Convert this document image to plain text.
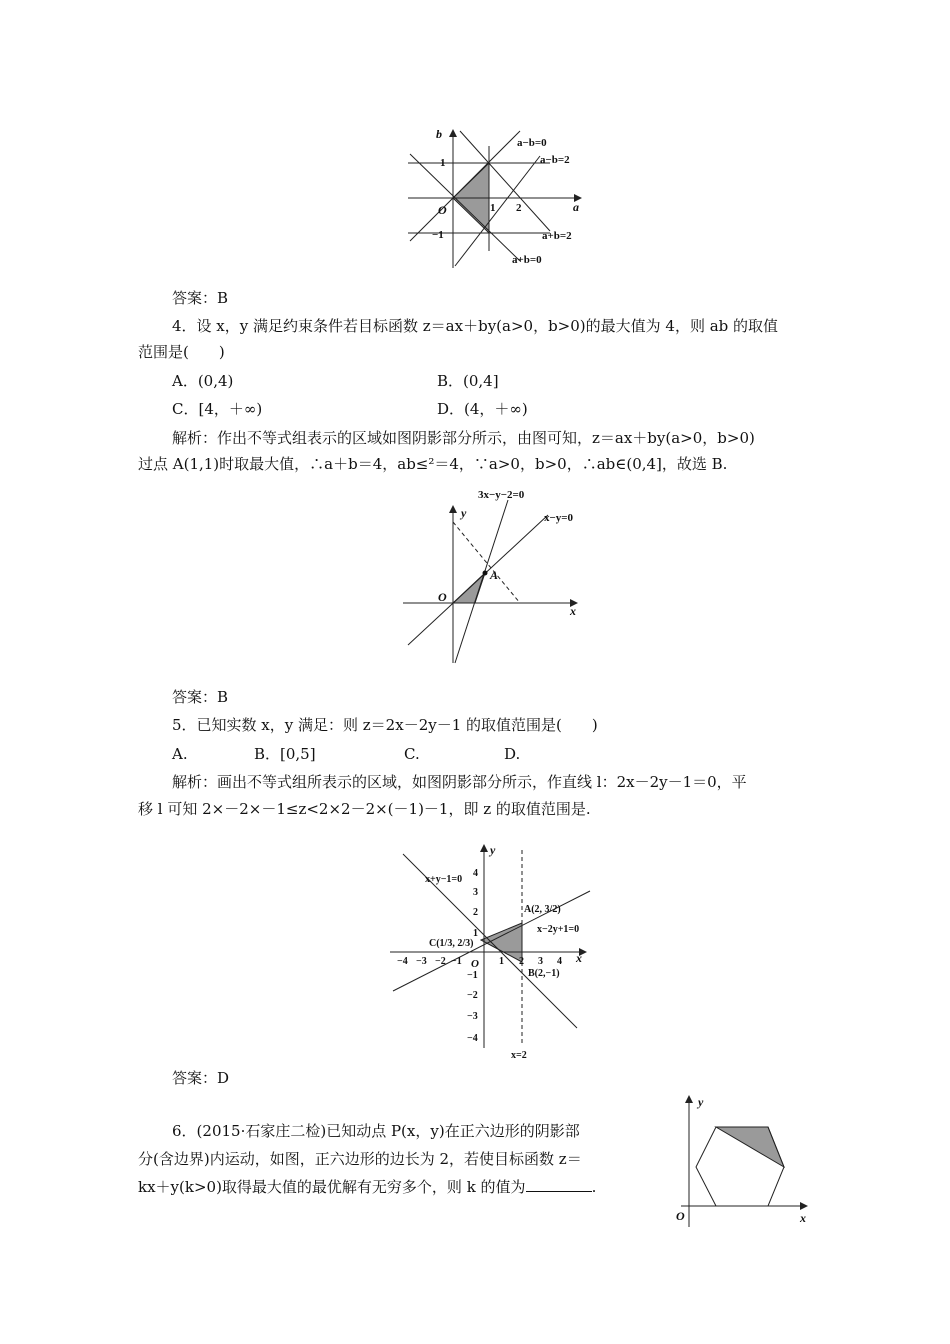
b
a
1
−1
O	1 2
a−b=0
a−b=2
a+b=2
a+b=0
答案：B
4．设 x，y 满足约束条件若目标函数 z＝ax＋by(a>0，b>0)的最大值为 4，则 ab 的取值
范围是(　　)
A．(0,4)	B．(0,4]
C．[4，＋∞)	D．(4，＋∞)
解析：作出不等式组表示的区域如图阴影部分所示，由图可知，z＝ax＋by(a>0，b>0)
过点 A(1,1)时取最大值，∴a＋b＝4，ab≤²＝4，∵a>0，b>0，∴ab∈(0,4]，故选 B.
y
x
O
A
3x−y−2=0
x−y=0
答案：B
5．已知实数 x，y 满足：则 z＝2x－2y－1 的取值范围是(　　)
A.	B．[0,5]	C.	D.
解析：画出不等式组所表示的区域，如图阴影部分所示，作直线 l：2x－2y－1＝0，平
移 l 可知 2×－2×－1≤z<2×2－2×(－1)－1，即 z 的取值范围是.
y
x
O
−4 −3 −2 −1	1 2 3 4
4
3
2
1
−1
−2
−3
−4
x+y−1=0
x−2y+1=0
x=2
A(2, 3/2)
B(2,−1)
C(1/3, 2/3)
答案：D
6．(2015·石家庄二检)已知动点 P(x，y)在正六边形的阴影部
分(含边界)内运动，如图，正六边形的边长为 2，若使目标函数 z＝
kx＋y(k>0)取得最大值的最优解有无穷多个，则 k 的值为	.
y
x
O
